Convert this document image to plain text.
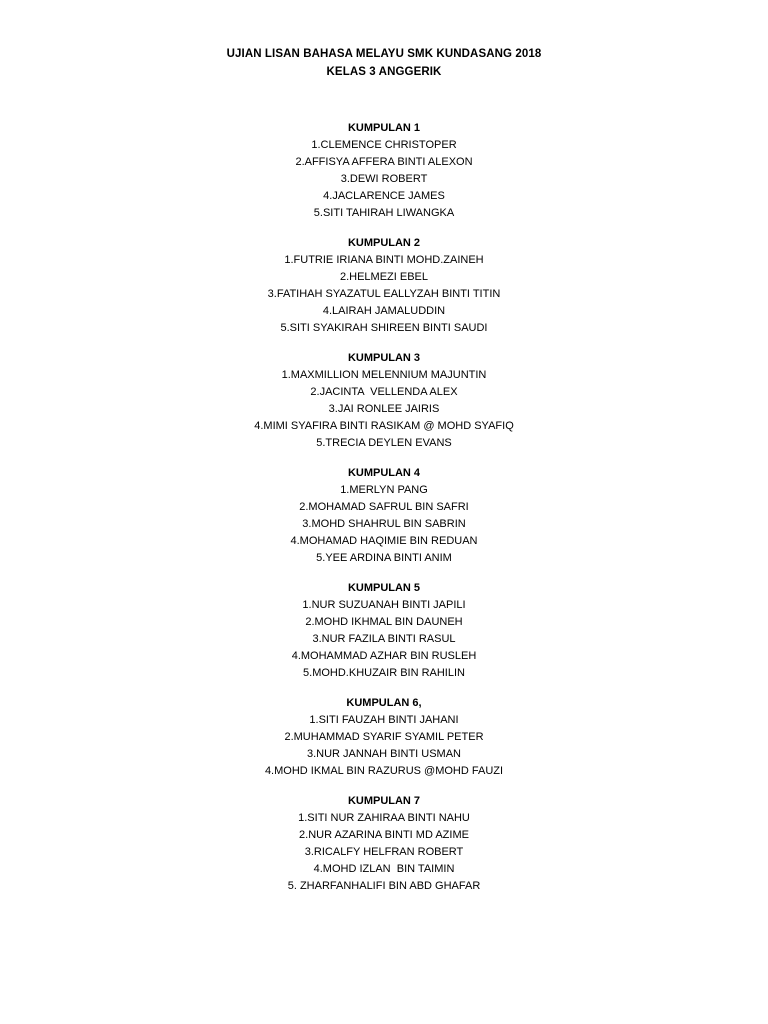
UJIAN LISAN BAHASA MELAYU SMK KUNDASANG 2018
KELAS 3 ANGGERIK
KUMPULAN 1
1.CLEMENCE CHRISTOPER
2.AFFISYA AFFERA BINTI ALEXON
3.DEWI ROBERT
4.JACLARENCE JAMES
5.SITI TAHIRAH LIWANGKA
KUMPULAN 2
1.FUTRIE IRIANA BINTI MOHD.ZAINEH
2.HELMEZI EBEL
3.FATIHAH SYAZATUL EALLYZAH BINTI TITIN
4.LAIRAH JAMALUDDIN
5.SITI SYAKIRAH SHIREEN BINTI SAUDI
KUMPULAN 3
1.MAXMILLION MELENNIUM MAJUNTIN
2.JACINTA  VELLENDA ALEX
3.JAI RONLEE JAIRIS
4.MIMI SYAFIRA BINTI RASIKAM @ MOHD SYAFIQ
5.TRECIA DEYLEN EVANS
KUMPULAN 4
1.MERLYN PANG
2.MOHAMAD SAFRUL BIN SAFRI
3.MOHD SHAHRUL BIN SABRIN
4.MOHAMAD HAQIMIE BIN REDUAN
5.YEE ARDINA BINTI ANIM
KUMPULAN 5
1.NUR SUZUANAH BINTI JAPILI
2.MOHD IKHMAL BIN DAUNEH
3.NUR FAZILA BINTI RASUL
4.MOHAMMAD AZHAR BIN RUSLEH
5.MOHD.KHUZAIR BIN RAHILIN
KUMPULAN 6,
1.SITI FAUZAH BINTI JAHANI
2.MUHAMMAD SYARIF SYAMIL PETER
3.NUR JANNAH BINTI USMAN
4.MOHD IKMAL BIN RAZURUS @MOHD FAUZI
KUMPULAN 7
1.SITI NUR ZAHIRAA BINTI NAHU
2.NUR AZARINA BINTI MD AZIME
3.RICALFY HELFRAN ROBERT
4.MOHD IZLAN  BIN TAIMIN
5. ZHARFANHALIFI BIN ABD GHAFAR
